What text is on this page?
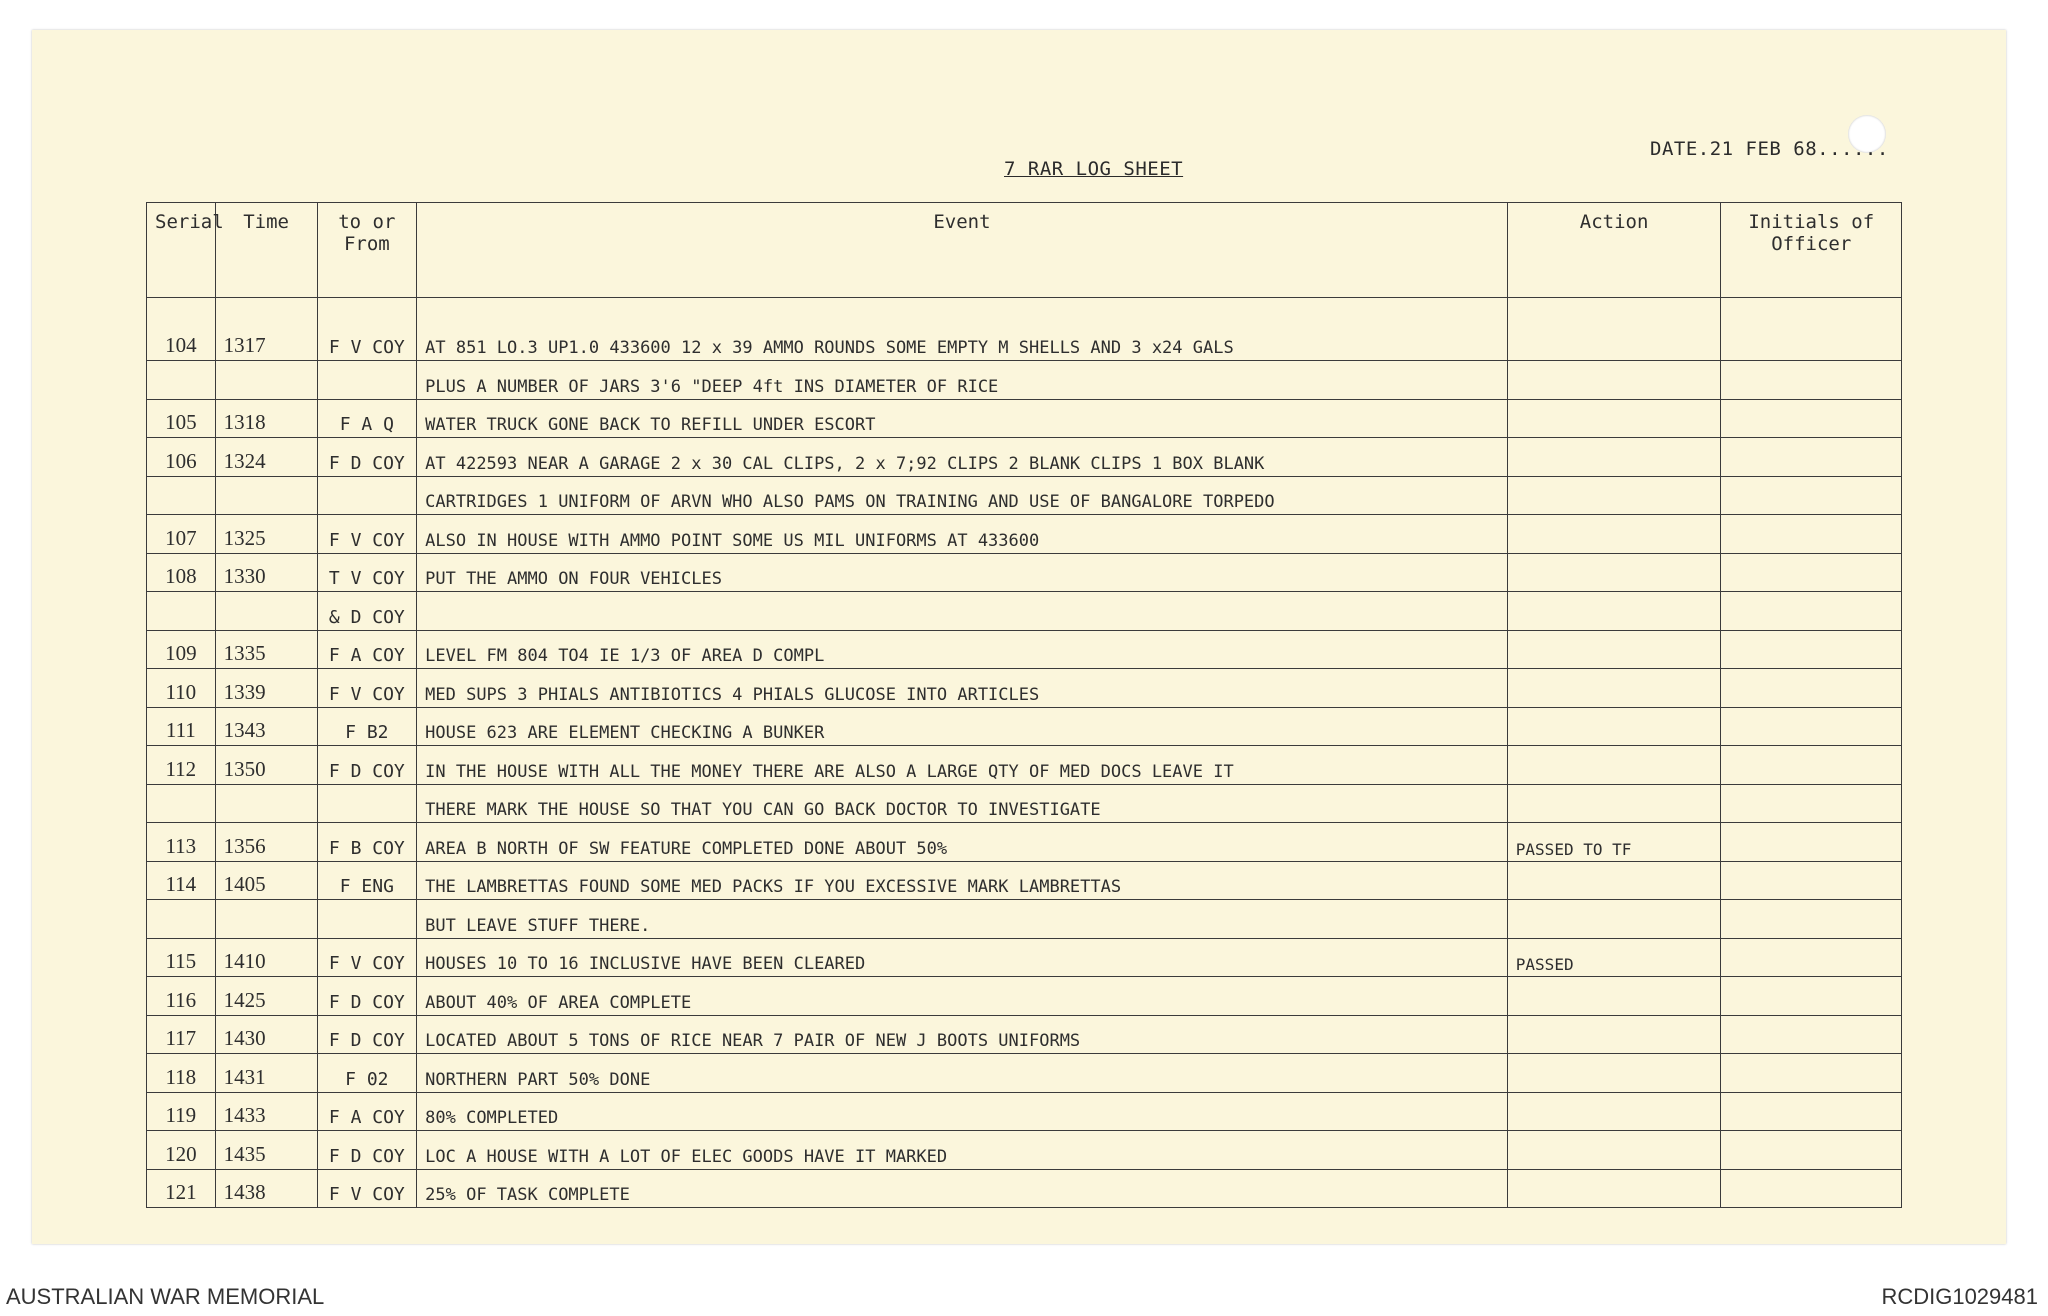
7 RAR LOG SHEET
DATE.21 FEB 68......
Serial	Time	to or From	Event	Action	Initials of Officer
104	1317	F V COY	AT 851 LO.3 UP1.0 433600 12 x 39 AMMO ROUNDS SOME EMPTY M SHELLS AND 3 x24 GALS		
			PLUS A NUMBER OF JARS 3'6 "DEEP 4ft INS DIAMETER OF RICE		
105	1318	F A Q	WATER TRUCK GONE BACK TO REFILL UNDER ESCORT		
106	1324	F D COY	AT 422593 NEAR A GARAGE 2 x 30 CAL CLIPS, 2 x 7;92 CLIPS 2 BLANK CLIPS 1 BOX BLANK		
			CARTRIDGES 1 UNIFORM OF ARVN WHO ALSO PAMS ON TRAINING AND USE OF BANGALORE TORPEDO		
107	1325	F V COY	ALSO IN HOUSE WITH AMMO POINT SOME US MIL UNIFORMS AT 433600		
108	1330	T V COY	PUT THE AMMO ON FOUR VEHICLES		
		& D COY			
109	1335	F A COY	LEVEL FM 804 TO4 IE 1/3 OF AREA D COMPL		
110	1339	F V COY	MED SUPS 3 PHIALS ANTIBIOTICS 4 PHIALS GLUCOSE INTO ARTICLES		
111	1343	F B2	HOUSE 623 ARE ELEMENT CHECKING A BUNKER		
112	1350	F D COY	IN THE HOUSE WITH ALL THE MONEY THERE ARE ALSO A LARGE QTY OF MED DOCS LEAVE IT		
			THERE MARK THE HOUSE SO THAT YOU CAN GO BACK DOCTOR TO INVESTIGATE		
113	1356	F B COY	AREA B NORTH OF SW FEATURE COMPLETED DONE ABOUT 50%	PASSED TO TF	
114	1405	F ENG	THE LAMBRETTAS FOUND SOME MED PACKS IF YOU EXCESSIVE MARK LAMBRETTAS		
			BUT LEAVE STUFF THERE.		
115	1410	F V COY	HOUSES 10 TO 16 INCLUSIVE HAVE BEEN CLEARED	PASSED	
116	1425	F D COY	ABOUT 40% OF AREA COMPLETE		
117	1430	F D COY	LOCATED ABOUT 5 TONS OF RICE NEAR 7 PAIR OF NEW J BOOTS UNIFORMS		
118	1431	F 02	NORTHERN PART 50% DONE		
119	1433	F A COY	80% COMPLETED		
120	1435	F D COY	LOC A HOUSE WITH A LOT OF ELEC GOODS HAVE IT MARKED		
121	1438	F V COY	25% OF TASK COMPLETE		
AUSTRALIAN WAR MEMORIAL	RCDIG1029481
